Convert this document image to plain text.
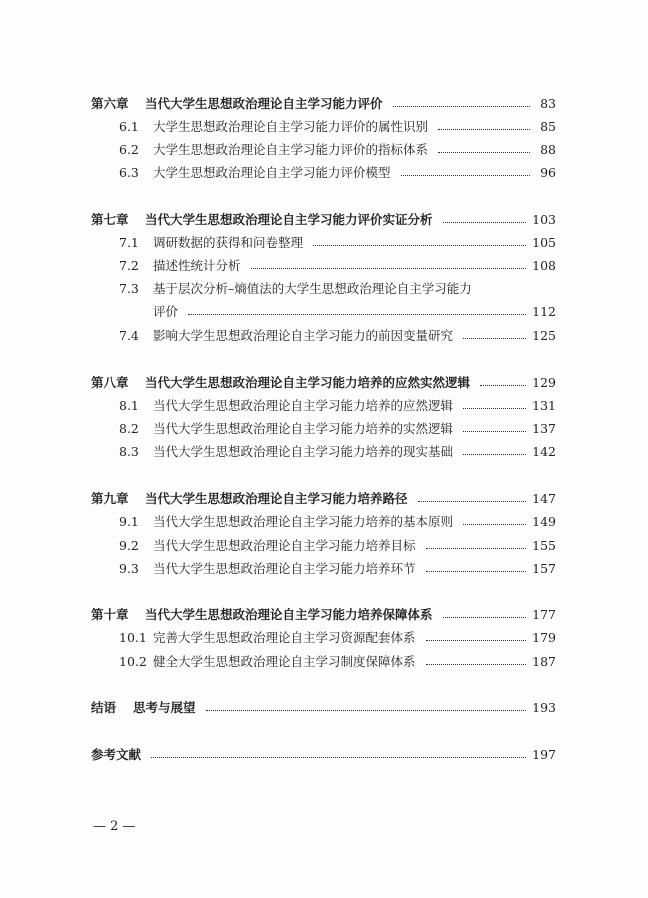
第六章	当代大学生思想政治理论自主学习能力评价	83
6.1	大学生思想政治理论自主学习能力评价的属性识别	85
6.2	大学生思想政治理论自主学习能力评价的指标体系	88
6.3	大学生思想政治理论自主学习能力评价模型	96
第七章	当代大学生思想政治理论自主学习能力评价实证分析	103
7.1	调研数据的获得和问卷整理	105
7.2	描述性统计分析	108
7.3	基于层次分析–熵值法的大学生思想政治理论自主学习能力
评价	112
7.4	影响大学生思想政治理论自主学习能力的前因变量研究	125
第八章	当代大学生思想政治理论自主学习能力培养的应然实然逻辑	129
8.1	当代大学生思想政治理论自主学习能力培养的应然逻辑	131
8.2	当代大学生思想政治理论自主学习能力培养的实然逻辑	137
8.3	当代大学生思想政治理论自主学习能力培养的现实基础	142
第九章	当代大学生思想政治理论自主学习能力培养路径	147
9.1	当代大学生思想政治理论自主学习能力培养的基本原则	149
9.2	当代大学生思想政治理论自主学习能力培养目标	155
9.3	当代大学生思想政治理论自主学习能力培养环节	157
第十章	当代大学生思想政治理论自主学习能力培养保障体系	177
10.1 完善大学生思想政治理论自主学习资源配套体系	179
10.2 健全大学生思想政治理论自主学习制度保障体系	187
结语	思考与展望	193
参考文献	197
— 2 —
